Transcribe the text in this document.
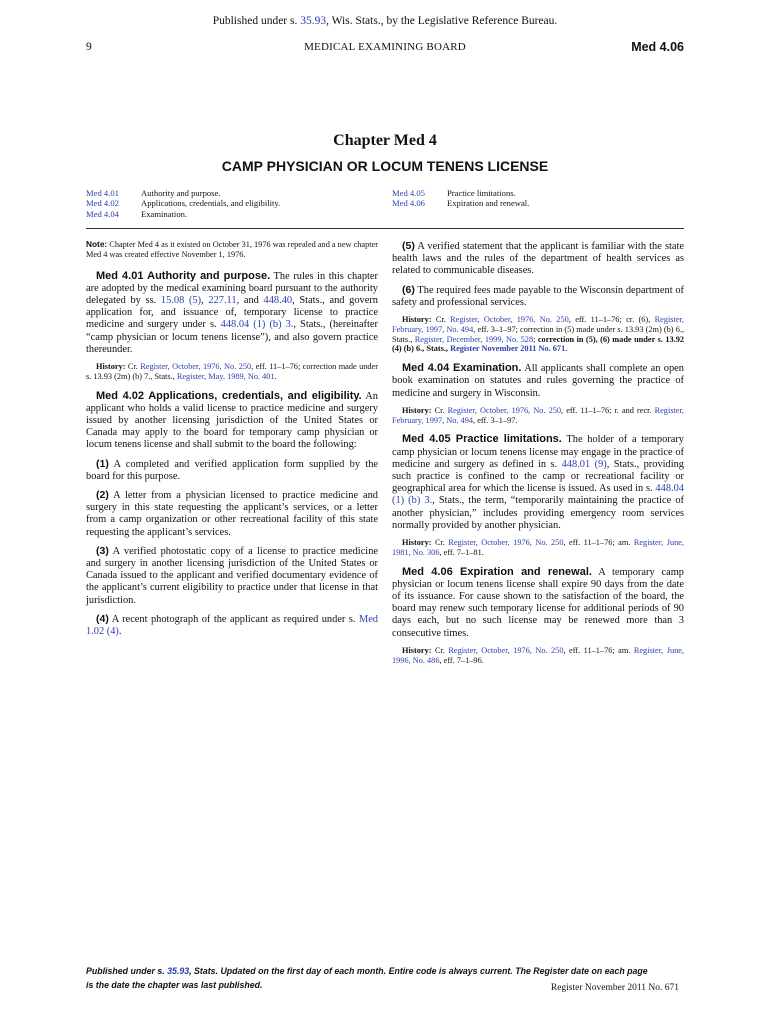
Published under s. 35.93, Wis. Stats., by the Legislative Reference Bureau.
9	MEDICAL EXAMINING BOARD	Med 4.06
Chapter Med 4
CAMP PHYSICIAN OR LOCUM TENENS LICENSE
Med 4.01	Authority and purpose.
Med 4.02	Applications, credentials, and eligibility.
Med 4.04	Examination.
Med 4.05	Practice limitations.
Med 4.06	Expiration and renewal.

Note: Chapter Med 4 as it existed on October 31, 1976 was repealed and a new chapter Med 4 was created effective November 1, 1976.

Med 4.01 Authority and purpose. The rules in this chapter are adopted by the medical examining board pursuant to the authority delegated by ss. 15.08 (5), 227.11, and 448.40, Stats., and govern application for, and issuance of, temporary license to practice medicine and surgery under s. 448.04 (1) (b) 3., Stats., (hereinafter “camp physician or locum tenens license”), and also govern practice thereunder.

History: Cr. Register, October, 1976, No. 250, eff. 11–1–76; correction made under s. 13.93 (2m) (b) 7., Stats., Register, May, 1989, No. 401.

Med 4.02 Applications, credentials, and eligibility. An applicant who holds a valid license to practice medicine and surgery issued by another licensing jurisdiction of the United States or Canada may apply to the board for temporary camp physician or locum tenens license and shall submit to the board the following:

(1) A completed and verified application form supplied by the board for this purpose.

(2) A letter from a physician licensed to practice medicine and surgery in this state requesting the applicant’s services, or a letter from a camp organization or other recreational facility of this state requesting the applicant’s services.

(3) A verified photostatic copy of a license to practice medicine and surgery in another licensing jurisdiction of the United States or Canada issued to the applicant and verified documentary evidence of the applicant’s current eligibility to practice under that license in that jurisdiction.

(4) A recent photograph of the applicant as required under s. Med 1.02 (4).

(5) A verified statement that the applicant is familiar with the state health laws and the rules of the department of health services as related to communicable diseases.

(6) The required fees made payable to the Wisconsin department of safety and professional services.

History: Cr. Register, October, 1976, No. 250, eff. 11–1–76; cr. (6), Register, February, 1997, No. 494, eff. 3–1–97; correction in (5) made under s. 13.93 (2m) (b) 6., Stats., Register, December, 1999, No. 528; correction in (5), (6) made under s. 13.92 (4) (b) 6., Stats., Register November 2011 No. 671.

Med 4.04 Examination. All applicants shall complete an open book examination on statutes and rules governing the practice of medicine and surgery in Wisconsin.

History: Cr. Register, October, 1976, No. 250, eff. 11–1–76; r. and recr. Register, February, 1997, No. 494, eff. 3–1–97.

Med 4.05 Practice limitations. The holder of a temporary camp physician or locum tenens license may engage in the practice of medicine and surgery as defined in s. 448.01 (9), Stats., providing such practice is confined to the camp or recreational facility or geographical area for which the license is issued. As used in s. 448.04 (1) (b) 3., Stats., the term, “temporarily maintaining the practice of another physician,” includes providing emergency room services normally provided by another physician.

History: Cr. Register, October, 1976, No. 250, eff. 11–1–76; am. Register, June, 1981, No. 306, eff. 7–1–81.

Med 4.06 Expiration and renewal. A temporary camp physician or locum tenens license shall expire 90 days from the date of its issuance. For cause shown to the satisfaction of the board, the board may renew such temporary license for additional periods of 90 days each, but no such license may be renewed more than 3 consecutive times.

History: Cr. Register, October, 1976, No. 250, eff. 11–1–76; am. Register, June, 1996, No. 486, eff. 7–1–96.

Published under s. 35.93, Stats. Updated on the first day of each month. Entire code is always current. The Register date on each page
is the date the chapter was last published.	Register November 2011 No. 671
